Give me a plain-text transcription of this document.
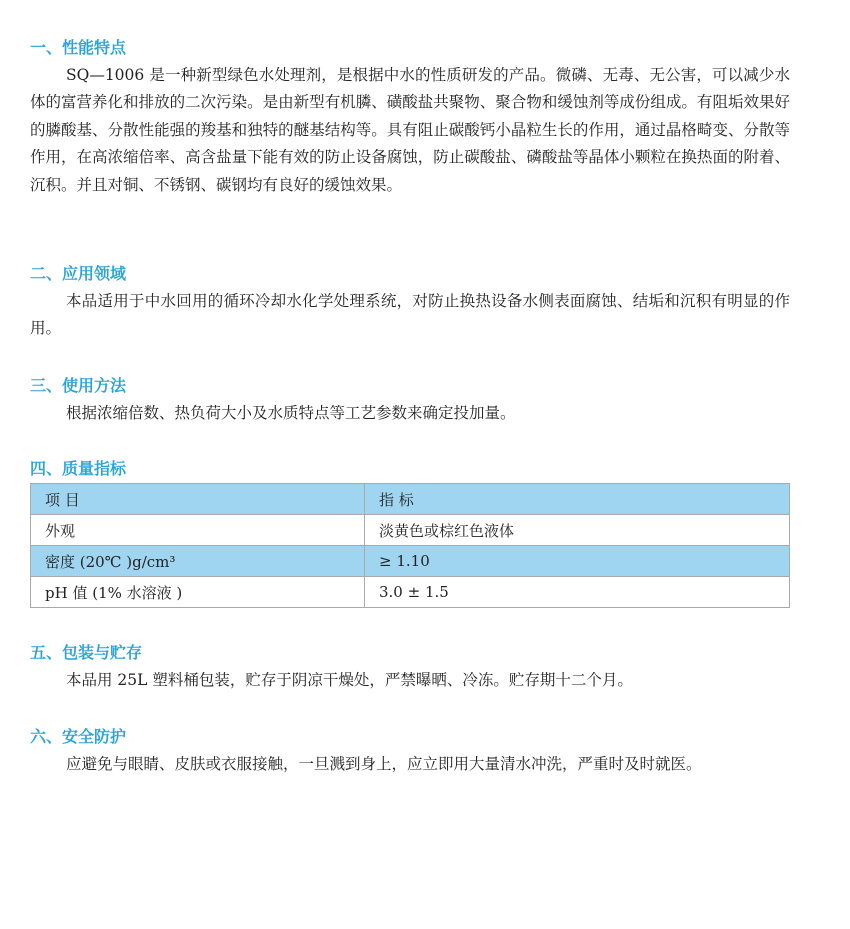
一、性能特点

SQ—1006 是一种新型绿色水处理剂，是根据中水的性质研发的产品。微磷、无毒、无公害，可以减少水体的富营养化和排放的二次污染。是由新型有机膦、磺酸盐共聚物、聚合物和缓蚀剂等成份组成。有阻垢效果好的膦酸基、分散性能强的羧基和独特的醚基结构等。具有阻止碳酸钙小晶粒生长的作用，通过晶格畸变、分散等作用，在高浓缩倍率、高含盐量下能有效的防止设备腐蚀，防止碳酸盐、磷酸盐等晶体小颗粒在换热面的附着、沉积。并且对铜、不锈钢、碳钢均有良好的缓蚀效果。

二、应用领域

本品适用于中水回用的循环冷却水化学处理系统，对防止换热设备水侧表面腐蚀、结垢和沉积有明显的作用。

三、使用方法

根据浓缩倍数、热负荷大小及水质特点等工艺参数来确定投加量。

四、质量指标
项 目	指 标
外观	淡黄色或棕红色液体
密度 (20℃ )g/cm³	≥ 1.10
pH 值 (1% 水溶液 )	3.0 ± 1.5
五、包装与贮存

本品用 25L 塑料桶包装，贮存于阴凉干燥处，严禁曝晒、冷冻。贮存期十二个月。

六、安全防护

应避免与眼睛、皮肤或衣服接触，一旦溅到身上，应立即用大量清水冲洗，严重时及时就医。
